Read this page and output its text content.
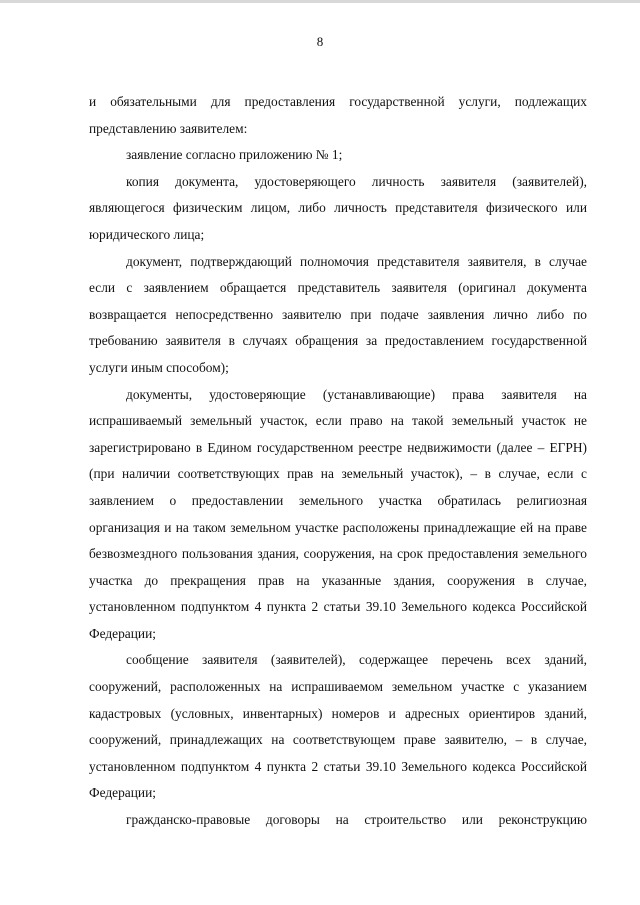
8

и обязательными для предоставления государственной услуги, подлежащих представлению заявителем:

заявление согласно приложению № 1;

копия документа, удостоверяющего личность заявителя (заявителей), являющегося физическим лицом, либо личность представителя физического или юридического лица;

документ, подтверждающий полномочия представителя заявителя, в случае если с заявлением обращается представитель заявителя (оригинал документа возвращается непосредственно заявителю при подаче заявления лично либо по требованию заявителя в случаях обращения за предоставлением государственной услуги иным способом);

документы, удостоверяющие (устанавливающие) права заявителя на испрашиваемый земельный участок, если право на такой земельный участок не зарегистрировано в Едином государственном реестре недвижимости (далее – ЕГРН) (при наличии соответствующих прав на земельный участок), – в случае, если с заявлением о предоставлении земельного участка обратилась религиозная организация и на таком земельном участке расположены принадлежащие ей на праве безвозмездного пользования здания, сооружения, на срок предоставления земельного участка до прекращения прав на указанные здания, сооружения в случае, установленном подпунктом 4 пункта 2 статьи 39.10 Земельного кодекса Российской Федерации;

сообщение заявителя (заявителей), содержащее перечень всех зданий, сооружений, расположенных на испрашиваемом земельном участке с указанием кадастровых (условных, инвентарных) номеров и адресных ориентиров зданий, сооружений, принадлежащих на соответствующем праве заявителю, – в случае, установленном подпунктом 4 пункта 2 статьи 39.10 Земельного кодекса Российской Федерации;

гражданско-правовые договоры на строительство или реконструкцию
